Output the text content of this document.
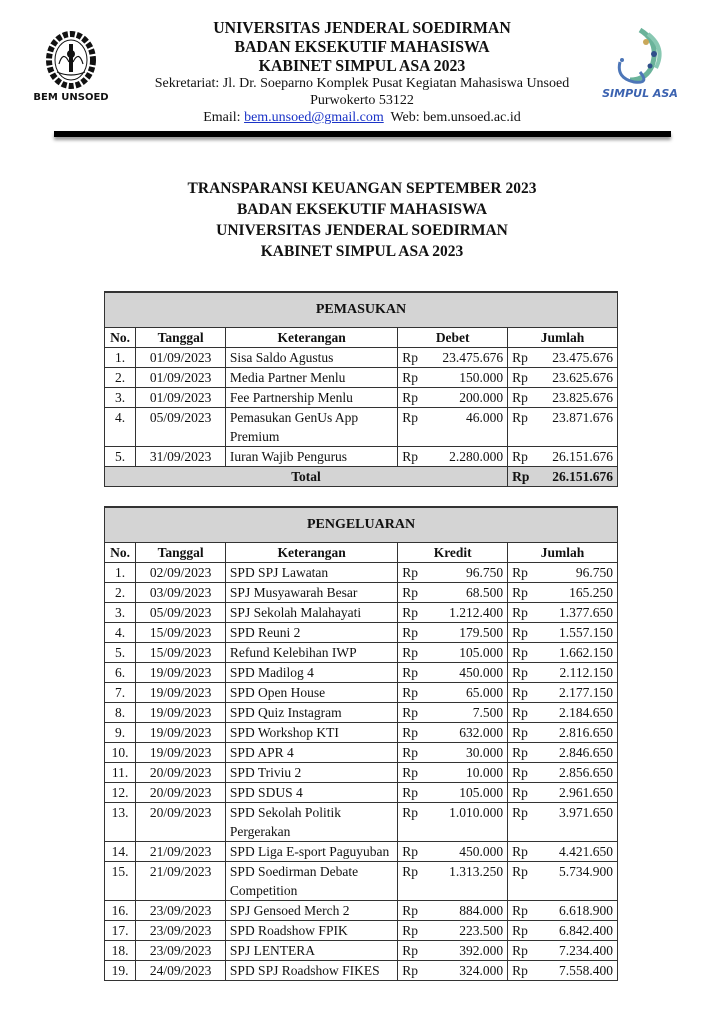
BEM UNSOED
UNIVERSITAS JENDERAL SOEDIRMAN
BADAN EKSEKUTIF MAHASISWA
KABINET SIMPUL ASA 2023
Sekretariat: Jl. Dr. Soeparno Komplek Pusat Kegiatan Mahasiswa Unsoed
Purwokerto 53122
Email: bem.unsoed@gmail.com Web: bem.unsoed.ac.id
SIMPUL ASA
TRANSPARANSI KEUANGAN SEPTEMBER 2023
BADAN EKSEKUTIF MAHASISWA
UNIVERSITAS JENDERAL SOEDIRMAN
KABINET SIMPUL ASA 2023
PEMASUKAN						
No.	Tanggal	Keterangan	Debet		Jumlah	
1.	01/09/2023	Sisa Saldo Agustus	Rp	23.475.676	Rp	23.475.676
2.	01/09/2023	Media Partner Menlu	Rp	150.000	Rp	23.625.676
3.	01/09/2023	Fee Partnership Menlu	Rp	200.000	Rp	23.825.676
4.	05/09/2023	Pemasukan GenUs App Premium	Rp	46.000	Rp	23.871.676
5.	31/09/2023	Iuran Wajib Pengurus	Rp	2.280.000	Rp	26.151.676
Total					Rp	26.151.676
PENGELUARAN						
No.	Tanggal	Keterangan	Kredit		Jumlah	
1.	02/09/2023	SPD SPJ Lawatan	Rp	96.750	Rp	96.750
2.	03/09/2023	SPJ Musyawarah Besar	Rp	68.500	Rp	165.250
3.	05/09/2023	SPJ Sekolah Malahayati	Rp	1.212.400	Rp	1.377.650
4.	15/09/2023	SPD Reuni 2	Rp	179.500	Rp	1.557.150
5.	15/09/2023	Refund Kelebihan IWP	Rp	105.000	Rp	1.662.150
6.	19/09/2023	SPD Madilog 4	Rp	450.000	Rp	2.112.150
7.	19/09/2023	SPD Open House	Rp	65.000	Rp	2.177.150
8.	19/09/2023	SPD Quiz Instagram	Rp	7.500	Rp	2.184.650
9.	19/09/2023	SPD Workshop KTI	Rp	632.000	Rp	2.816.650
10.	19/09/2023	SPD APR 4	Rp	30.000	Rp	2.846.650
11.	20/09/2023	SPD Triviu 2	Rp	10.000	Rp	2.856.650
12.	20/09/2023	SPD SDUS 4	Rp	105.000	Rp	2.961.650
13.	20/09/2023	SPD Sekolah Politik Pergerakan	Rp	1.010.000	Rp	3.971.650
14.	21/09/2023	SPD Liga E-sport Paguyuban	Rp	450.000	Rp	4.421.650
15.	21/09/2023	SPD Soedirman Debate Competition	Rp	1.313.250	Rp	5.734.900
16.	23/09/2023	SPJ Gensoed Merch 2	Rp	884.000	Rp	6.618.900
17.	23/09/2023	SPD Roadshow FPIK	Rp	223.500	Rp	6.842.400
18.	23/09/2023	SPJ LENTERA	Rp	392.000	Rp	7.234.400
19.	24/09/2023	SPD SPJ Roadshow FIKES	Rp	324.000	Rp	7.558.400
